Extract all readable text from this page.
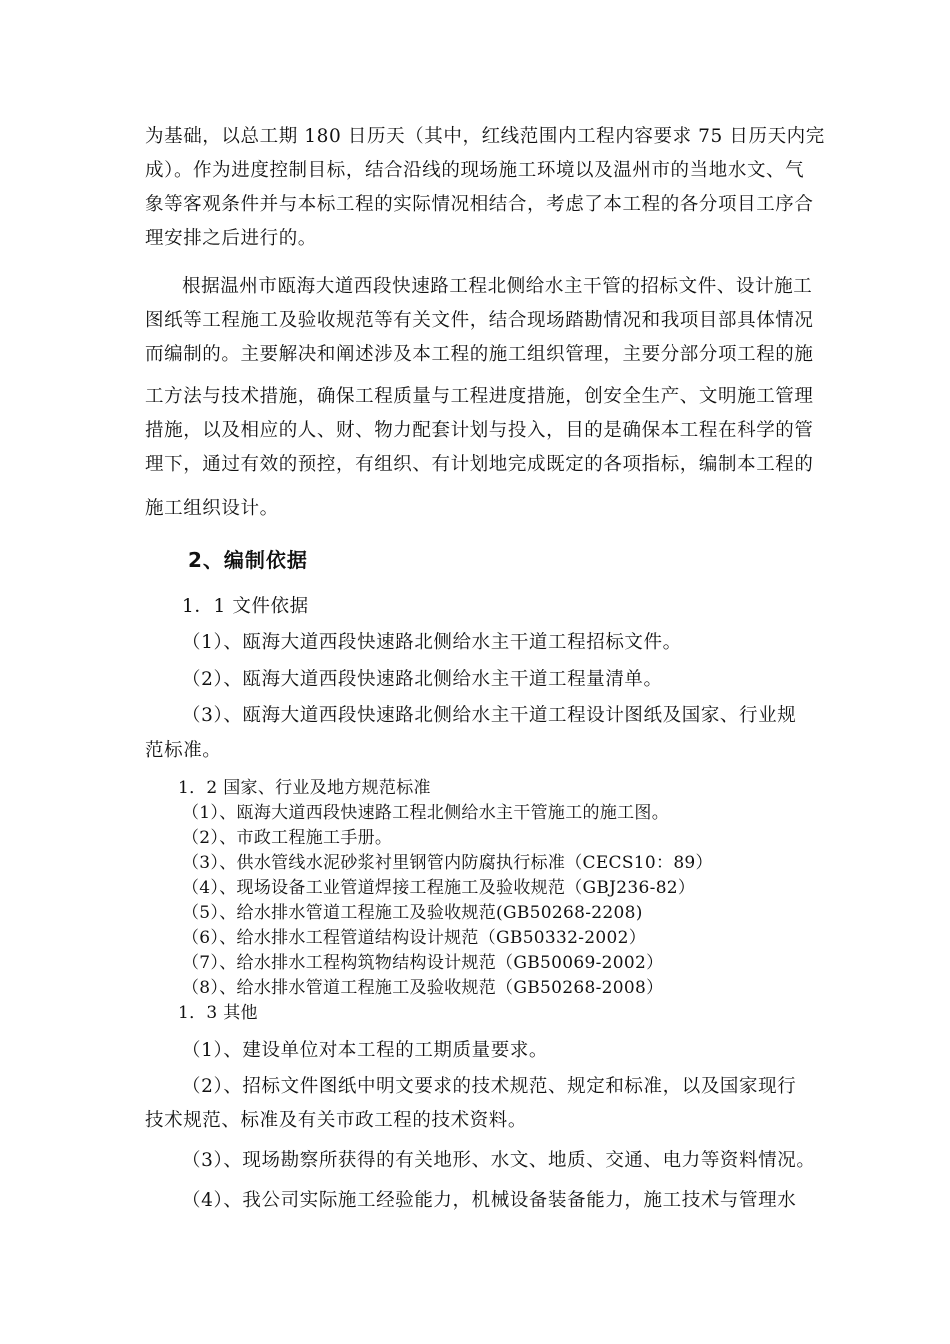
为基础，以总工期 180 日历天（其中，红线范围内工程内容要求 75 日历天内完
成）。作为进度控制目标，结合沿线的现场施工环境以及温州市的当地水文、气
象等客观条件并与本标工程的实际情况相结合，考虑了本工程的各分项目工序合
理安排之后进行的。
根据温州市瓯海大道西段快速路工程北侧给水主干管的招标文件、设计施工
图纸等工程施工及验收规范等有关文件，结合现场踏勘情况和我项目部具体情况
而编制的。主要解决和阐述涉及本工程的施工组织管理，主要分部分项工程的施
工方法与技术措施，确保工程质量与工程进度措施，创安全生产、文明施工管理
措施，以及相应的人、财、物力配套计划与投入，目的是确保本工程在科学的管
理下，通过有效的预控，有组织、有计划地完成既定的各项指标，编制本工程的
施工组织设计。
2、编制依据
1．1 文件依据
（1）、瓯海大道西段快速路北侧给水主干道工程招标文件。
（2）、瓯海大道西段快速路北侧给水主干道工程量清单。
（3）、瓯海大道西段快速路北侧给水主干道工程设计图纸及国家、行业规
范标准。
1．2 国家、行业及地方规范标准
（1）、瓯海大道西段快速路工程北侧给水主干管施工的施工图。
（2）、市政工程施工手册。
（3）、供水管线水泥砂浆衬里钢管内防腐执行标准（CECS10：89）
（4）、现场设备工业管道焊接工程施工及验收规范（GBJ236-82）
（5）、给水排水管道工程施工及验收规范(GB50268-2208)
（6）、给水排水工程管道结构设计规范（GB50332-2002）
（7）、给水排水工程构筑物结构设计规范（GB50069-2002）
（8）、给水排水管道工程施工及验收规范（GB50268-2008）
1．3 其他
（1）、建设单位对本工程的工期质量要求。
（2）、招标文件图纸中明文要求的技术规范、规定和标准，以及国家现行
技术规范、标准及有关市政工程的技术资料。
（3）、现场勘察所获得的有关地形、水文、地质、交通、电力等资料情况。
（4）、我公司实际施工经验能力，机械设备装备能力，施工技术与管理水
